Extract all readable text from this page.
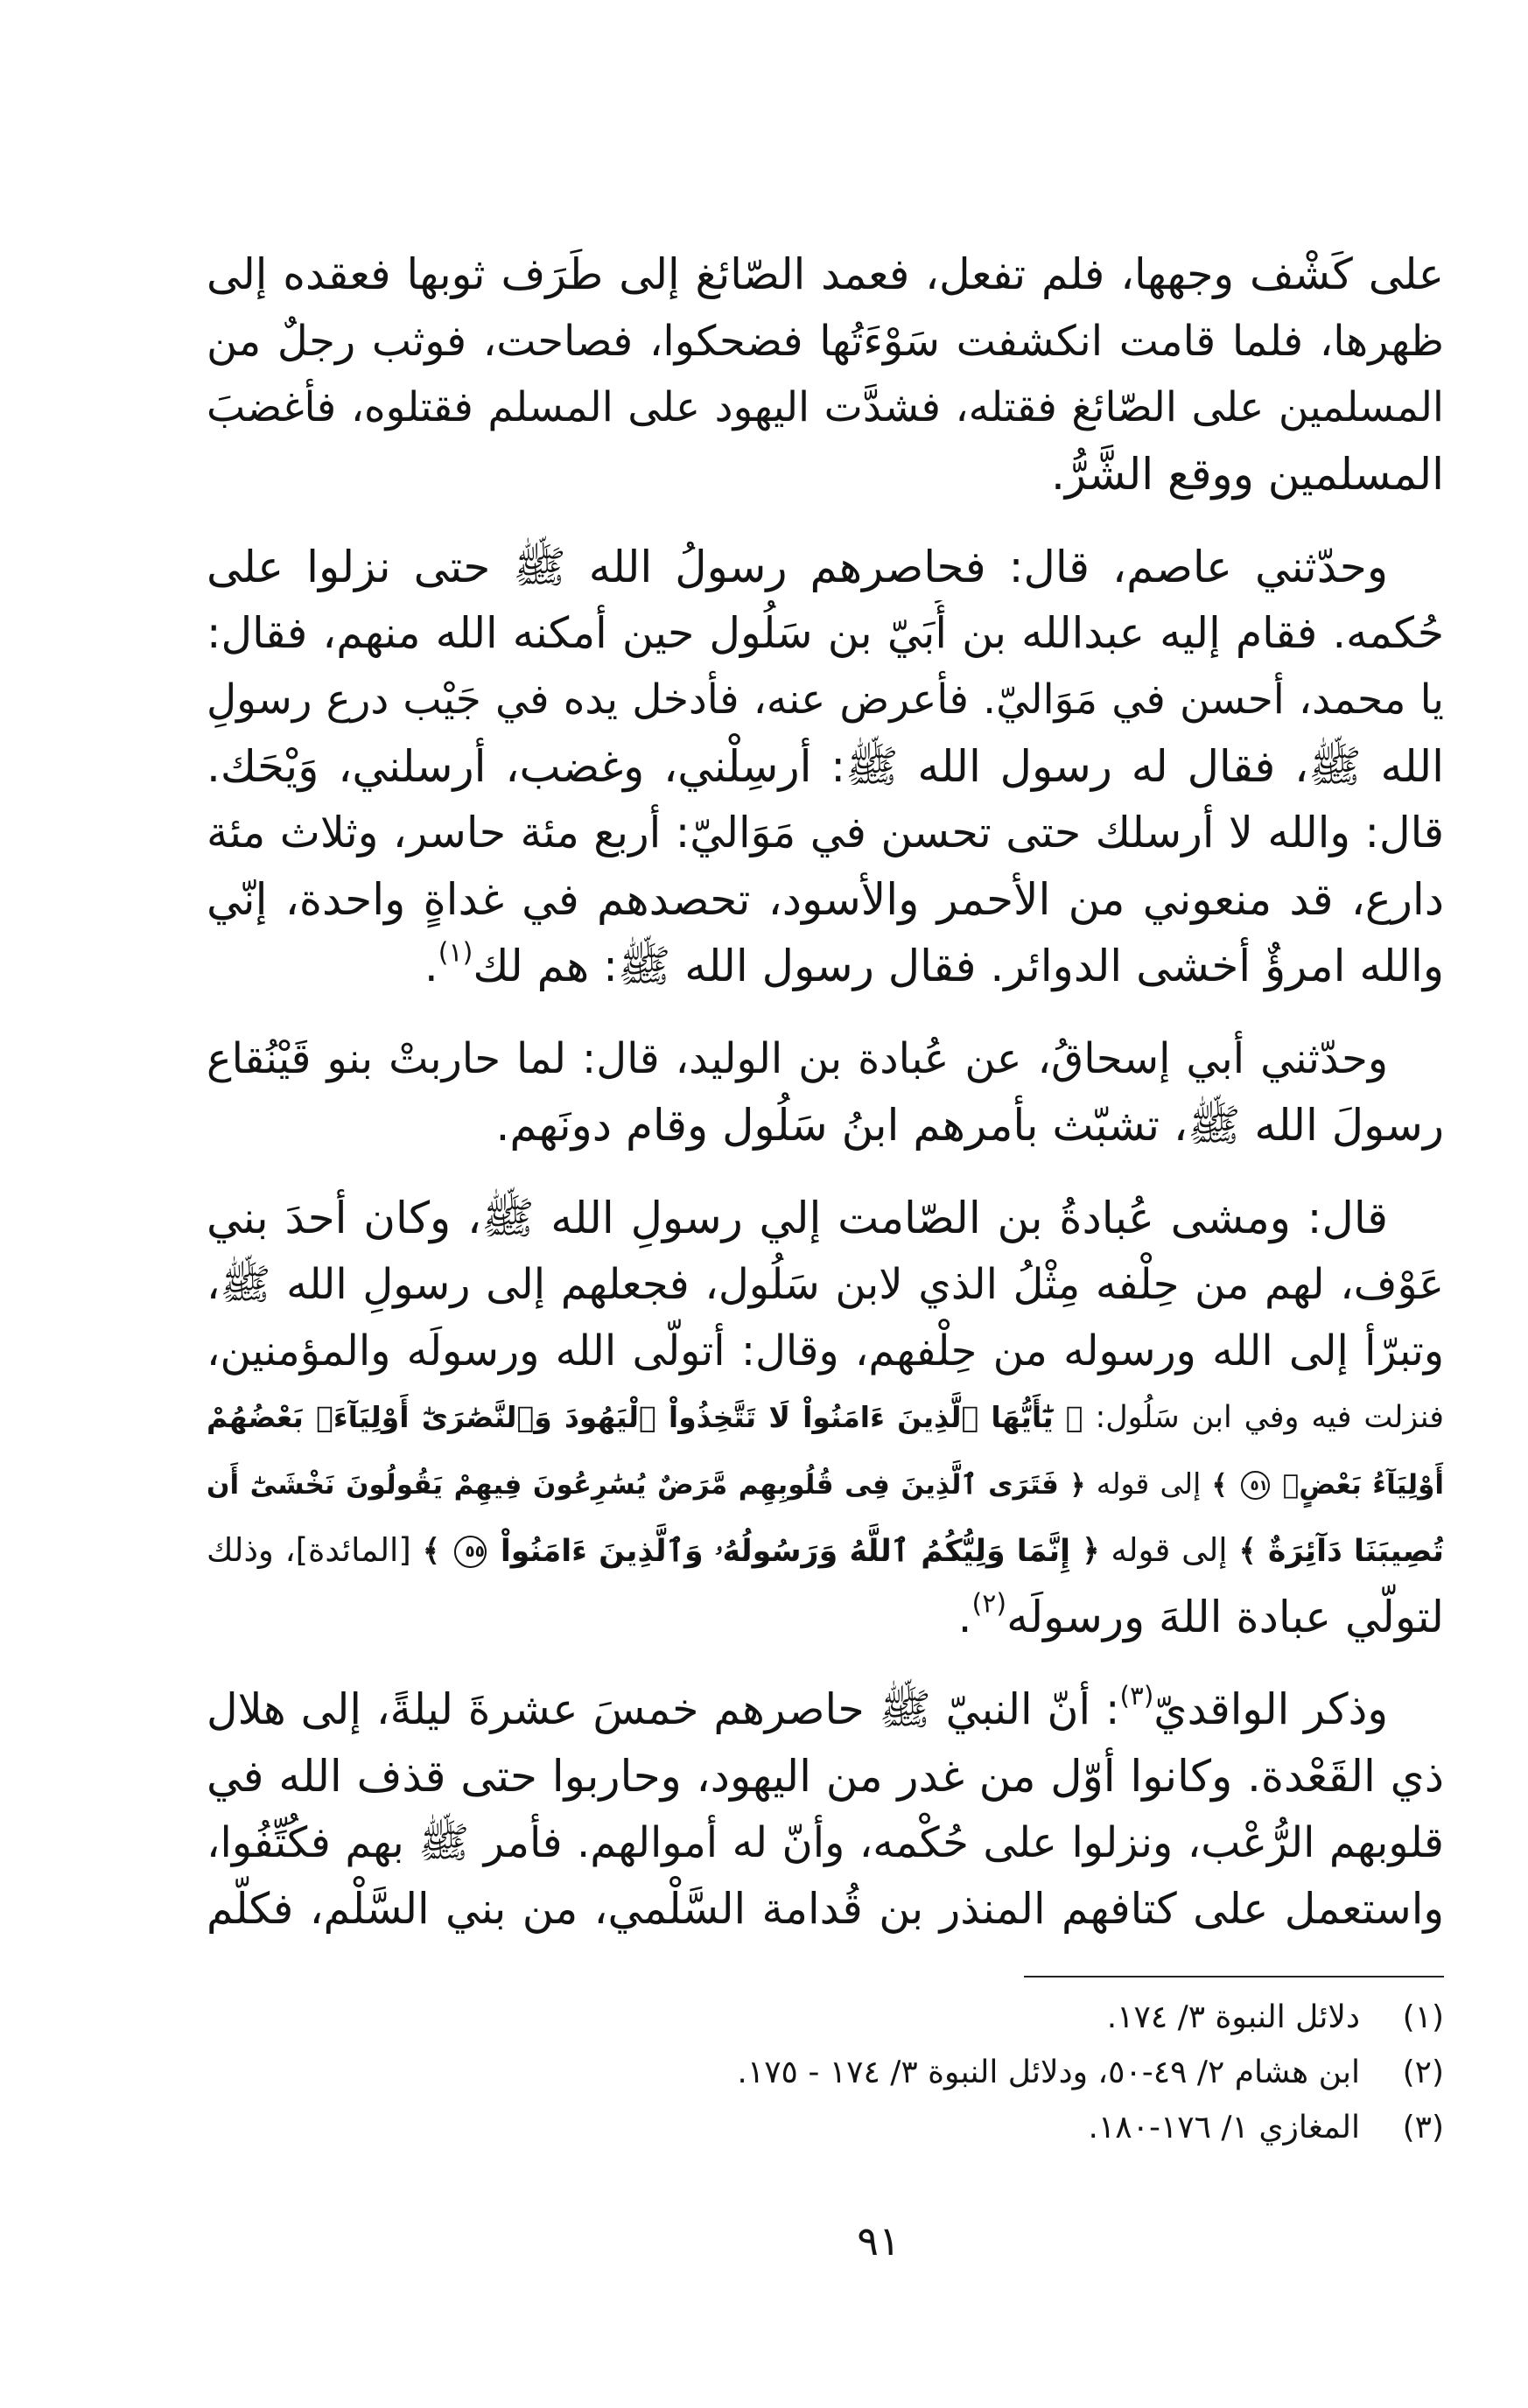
على كَشْف وجهها، فلم تفعل، فعمد الصّائغ إلى طَرَف ثوبها فعقده إلى
ظهرها، فلما قامت انكشفت سَوْءَتُها فضحكوا، فصاحت، فوثب رجلٌ من
المسلمين على الصّائغ فقتله، فشدَّت اليهود على المسلم فقتلوه، فأغضبَ
المسلمين ووقع الشَّرُّ.
وحدّثني عاصم، قال: فحاصرهم رسولُ الله ﷺ حتى نزلوا على
حُكمه. فقام إليه عبدالله بن أُبَيّ بن سَلُول حين أمكنه الله منهم، فقال:
يا محمد، أحسن في مَوَاليّ. فأعرض عنه، فأدخل يده في جَيْب درع رسولِ
الله ﷺ، فقال له رسول الله ﷺ: أرسِلْني، وغضب، أرسلني، وَيْحَك.
قال: والله لا أرسلك حتى تحسن في مَوَاليّ: أربع مئة حاسر، وثلاث مئة
دارع، قد منعوني من الأحمر والأسود، تحصدهم في غداةٍ واحدة، إنّي
والله امرؤٌ أخشى الدوائر. فقال رسول الله ﷺ: هم لك$^{(١)}$.
وحدّثني أبي إسحاقُ، عن عُبادة بن الوليد، قال: لما حاربتْ بنو قَيْنُقاع
رسولَ الله ﷺ، تشبّث بأمرهم ابنُ سَلُول وقام دونَهم.
قال: ومشى عُبادةُ بن الصّامت إلي رسولِ الله ﷺ، وكان أحدَ بني
عَوْف، لهم من حِلْفه مِثْلُ الذي لابن سَلُول، فجعلهم إلى رسولِ الله ﷺ،
وتبرّأ إلى الله ورسوله من حِلْفهم، وقال: أتولّى الله ورسولَه والمؤمنين،
فنزلت فيه وفي ابن سَلُول: ﴿ يَٰٓأَيُّهَا ٱلَّذِينَ ءَامَنُواْ لَا تَتَّخِذُواْ ٱلْيَهُودَ وَٱلنَّصَٰرَىٰٓ أَوْلِيَآءَۘ بَعْضُهُمْ
أَوْلِيَآءُ بَعْضٍۚ ٥١ ﴾ إلى قوله ﴿ فَتَرَى ٱلَّذِينَ فِى قُلُوبِهِم مَّرَضٌ يُسَٰرِعُونَ فِيهِمْ يَقُولُونَ نَخْشَىٰٓ أَن
تُصِيبَنَا دَآئِرَةٌ ﴾ إلى قوله ﴿ إِنَّمَا وَلِيُّكُمُ ٱللَّهُ وَرَسُولُهُۥ وَٱلَّذِينَ ءَامَنُواْ ٥٥ ﴾ [المائدة]، وذلك
لتولّي عبادة اللهَ ورسولَه$^{(٢)}$.
وذكر الواقديّ$^{(٣)}$: أنّ النبيّ ﷺ حاصرهم خمسَ عشرةَ ليلةً، إلى هلال
ذي القَعْدة. وكانوا أوّل من غدر من اليهود، وحاربوا حتى قذف الله في
قلوبهم الرُّعْب، ونزلوا على حُكْمه، وأنّ له أموالهم. فأمر ﷺ بهم فكُتِّفُوا،
واستعمل على كتافهم المنذر بن قُدامة السَّلْمي، من بني السَّلْم، فكلّم
(١)
دلائل النبوة ٣/ ١٧٤.
(٢)
ابن هشام ٢/ ٤٩-٥٠، ودلائل النبوة ٣/ ١٧٤ - ١٧٥.
(٣)
المغازي ١/ ١٧٦-١٨٠.
٩١
